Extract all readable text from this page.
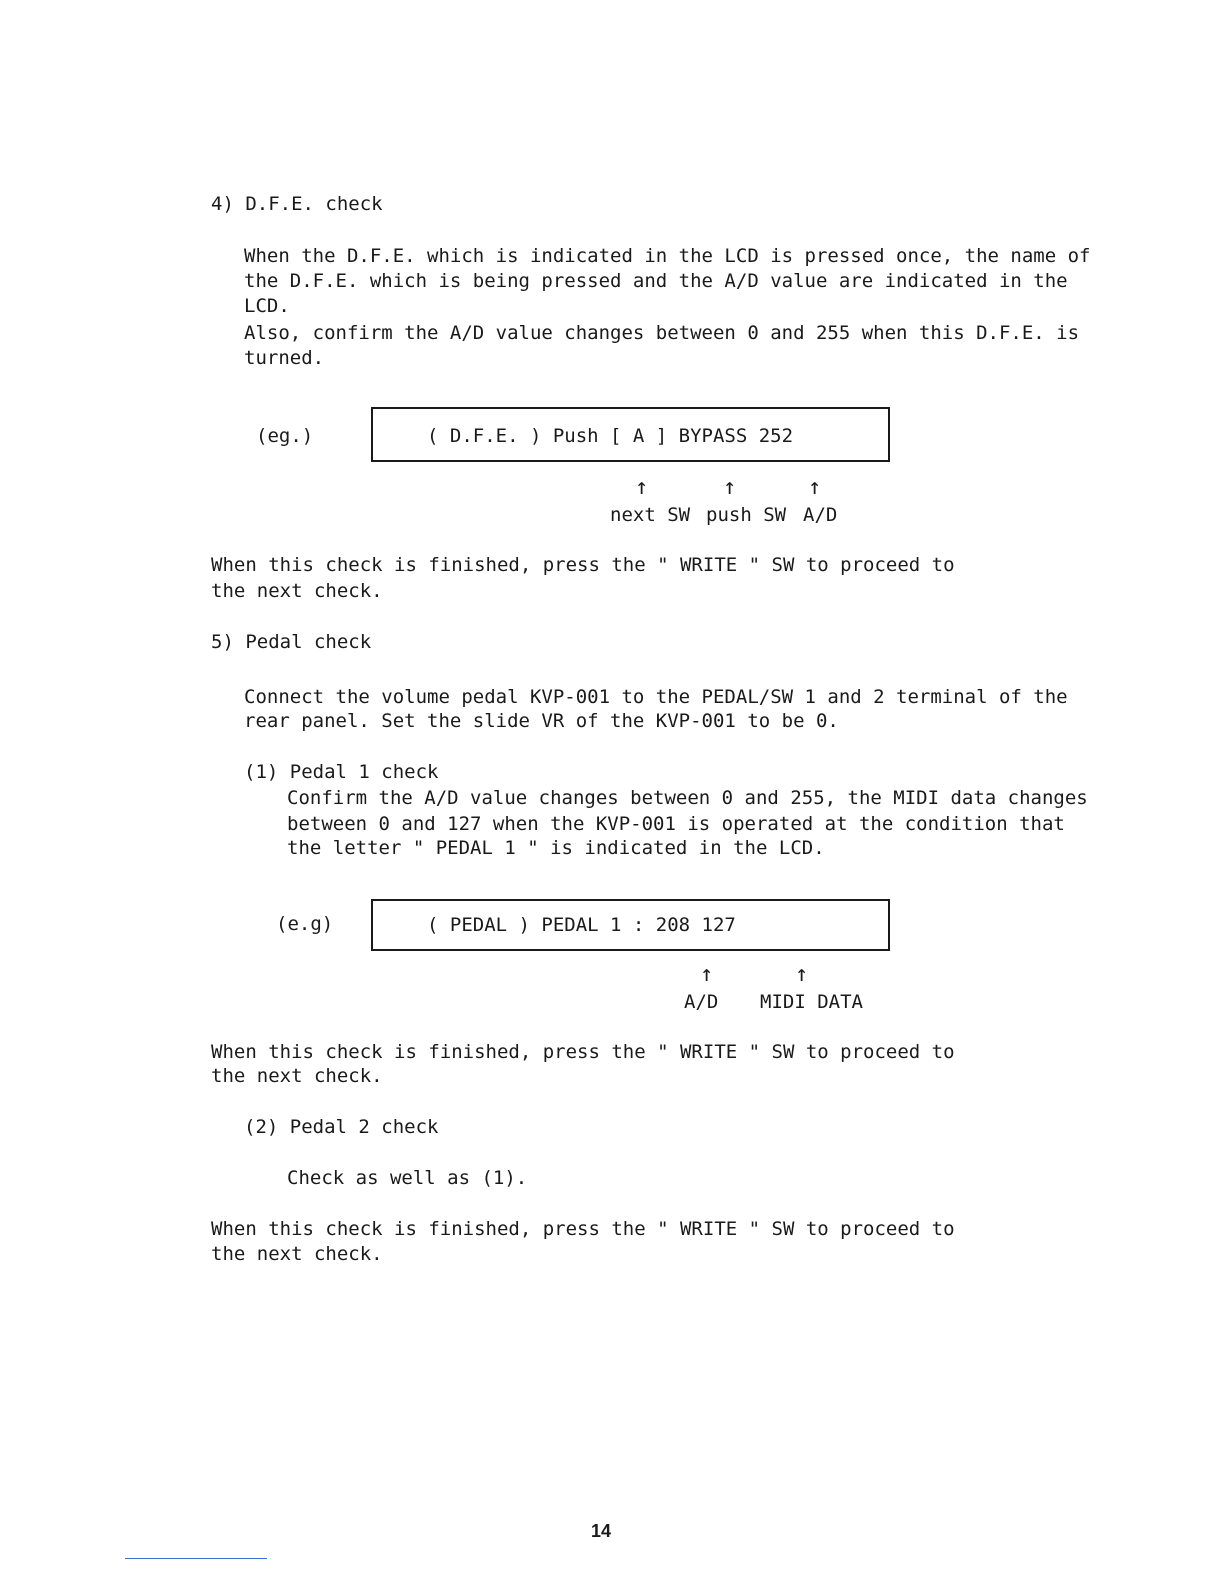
4) D.F.E. check
When the D.F.E. which is indicated in the LCD is pressed once, the name of
the D.F.E. which is being pressed and the A/D value are indicated in the
LCD.
Also, confirm the A/D value changes between 0 and 255 when this D.F.E. is
turned.
(eg.)	( D.F.E. ) Push [ A ] BYPASS 252
↑	↑	↑
next SW push SW A/D
When this check is finished, press the " WRITE " SW to proceed to
the next check.
5) Pedal check
Connect the volume pedal KVP-001 to the PEDAL/SW 1 and 2 terminal of the
rear panel. Set the slide VR of the KVP-001 to be 0.
(1) Pedal 1 check
Confirm the A/D value changes between 0 and 255, the MIDI data changes
between 0 and 127 when the KVP-001 is operated at the condition that
the letter " PEDAL 1 " is indicated in the LCD.
(e.g)	( PEDAL ) PEDAL 1 : 208 127
↑	↑
A/D MIDI DATA
When this check is finished, press the " WRITE " SW to proceed to
the next check.
(2) Pedal 2 check
Check as well as (1).
When this check is finished, press the " WRITE " SW to proceed to
the next check.
14
